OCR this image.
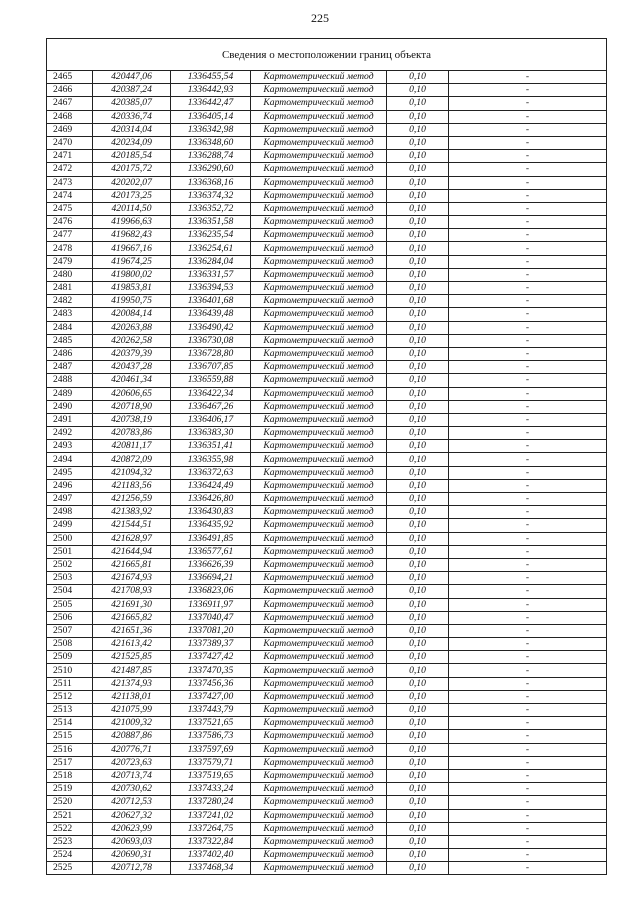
225
Сведения о местоположении границ объекта					
2465	420447,06	1336455,54	Картометрический метод	0,10	-
2466	420387,24	1336442,93	Картометрический метод	0,10	-
2467	420385,07	1336442,47	Картометрический метод	0,10	-
2468	420336,74	1336405,14	Картометрический метод	0,10	-
2469	420314,04	1336342,98	Картометрический метод	0,10	-
2470	420234,09	1336348,60	Картометрический метод	0,10	-
2471	420185,54	1336288,74	Картометрический метод	0,10	-
2472	420175,72	1336290,60	Картометрический метод	0,10	-
2473	420202,07	1336368,16	Картометрический метод	0,10	-
2474	420173,25	1336374,32	Картометрический метод	0,10	-
2475	420114,50	1336352,72	Картометрический метод	0,10	-
2476	419966,63	1336351,58	Картометрический метод	0,10	-
2477	419682,43	1336235,54	Картометрический метод	0,10	-
2478	419667,16	1336254,61	Картометрический метод	0,10	-
2479	419674,25	1336284,04	Картометрический метод	0,10	-
2480	419800,02	1336331,57	Картометрический метод	0,10	-
2481	419853,81	1336394,53	Картометрический метод	0,10	-
2482	419950,75	1336401,68	Картометрический метод	0,10	-
2483	420084,14	1336439,48	Картометрический метод	0,10	-
2484	420263,88	1336490,42	Картометрический метод	0,10	-
2485	420262,58	1336730,08	Картометрический метод	0,10	-
2486	420379,39	1336728,80	Картометрический метод	0,10	-
2487	420437,28	1336707,85	Картометрический метод	0,10	-
2488	420461,34	1336559,88	Картометрический метод	0,10	-
2489	420606,65	1336422,34	Картометрический метод	0,10	-
2490	420718,90	1336467,26	Картометрический метод	0,10	-
2491	420738,19	1336406,17	Картометрический метод	0,10	-
2492	420783,86	1336383,30	Картометрический метод	0,10	-
2493	420811,17	1336351,41	Картометрический метод	0,10	-
2494	420872,09	1336355,98	Картометрический метод	0,10	-
2495	421094,32	1336372,63	Картометрический метод	0,10	-
2496	421183,56	1336424,49	Картометрический метод	0,10	-
2497	421256,59	1336426,80	Картометрический метод	0,10	-
2498	421383,92	1336430,83	Картометрический метод	0,10	-
2499	421544,51	1336435,92	Картометрический метод	0,10	-
2500	421628,97	1336491,85	Картометрический метод	0,10	-
2501	421644,94	1336577,61	Картометрический метод	0,10	-
2502	421665,81	1336626,39	Картометрический метод	0,10	-
2503	421674,93	1336694,21	Картометрический метод	0,10	-
2504	421708,93	1336823,06	Картометрический метод	0,10	-
2505	421691,30	1336911,97	Картометрический метод	0,10	-
2506	421665,82	1337040,47	Картометрический метод	0,10	-
2507	421651,36	1337081,20	Картометрический метод	0,10	-
2508	421613,42	1337389,37	Картометрический метод	0,10	-
2509	421525,85	1337427,42	Картометрический метод	0,10	-
2510	421487,85	1337470,35	Картометрический метод	0,10	-
2511	421374,93	1337456,36	Картометрический метод	0,10	-
2512	421138,01	1337427,00	Картометрический метод	0,10	-
2513	421075,99	1337443,79	Картометрический метод	0,10	-
2514	421009,32	1337521,65	Картометрический метод	0,10	-
2515	420887,86	1337586,73	Картометрический метод	0,10	-
2516	420776,71	1337597,69	Картометрический метод	0,10	-
2517	420723,63	1337579,71	Картометрический метод	0,10	-
2518	420713,74	1337519,65	Картометрический метод	0,10	-
2519	420730,62	1337433,24	Картометрический метод	0,10	-
2520	420712,53	1337280,24	Картометрический метод	0,10	-
2521	420627,32	1337241,02	Картометрический метод	0,10	-
2522	420623,99	1337264,75	Картометрический метод	0,10	-
2523	420693,03	1337322,84	Картометрический метод	0,10	-
2524	420690,31	1337402,40	Картометрический метод	0,10	-
2525	420712,78	1337468,34	Картометрический метод	0,10	-
